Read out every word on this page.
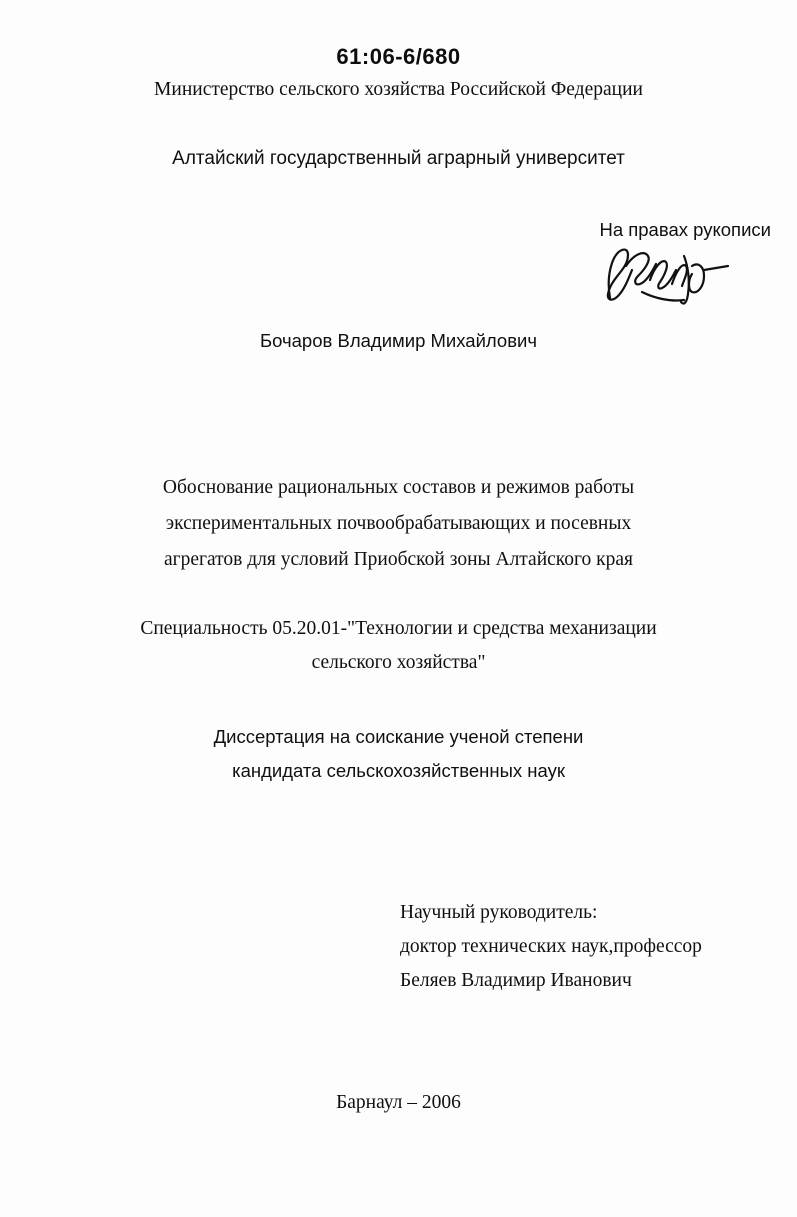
61:06-6/680
Министерство сельского хозяйства Российской Федерации
Алтайский государственный аграрный университет
На правах рукописи
Бочаров Владимир Михайлович
Обоснование рациональных составов и режимов работы
экспериментальных почвообрабатывающих и посевных
агрегатов для условий Приобской зоны Алтайского края
Специальность 05.20.01-"Технологии и средства механизации
сельского хозяйства"
Диссертация на соискание ученой степени
кандидата сельскохозяйственных наук
Научный руководитель:
доктор технических наук,профессор
Беляев Владимир Иванович
Барнаул – 2006
